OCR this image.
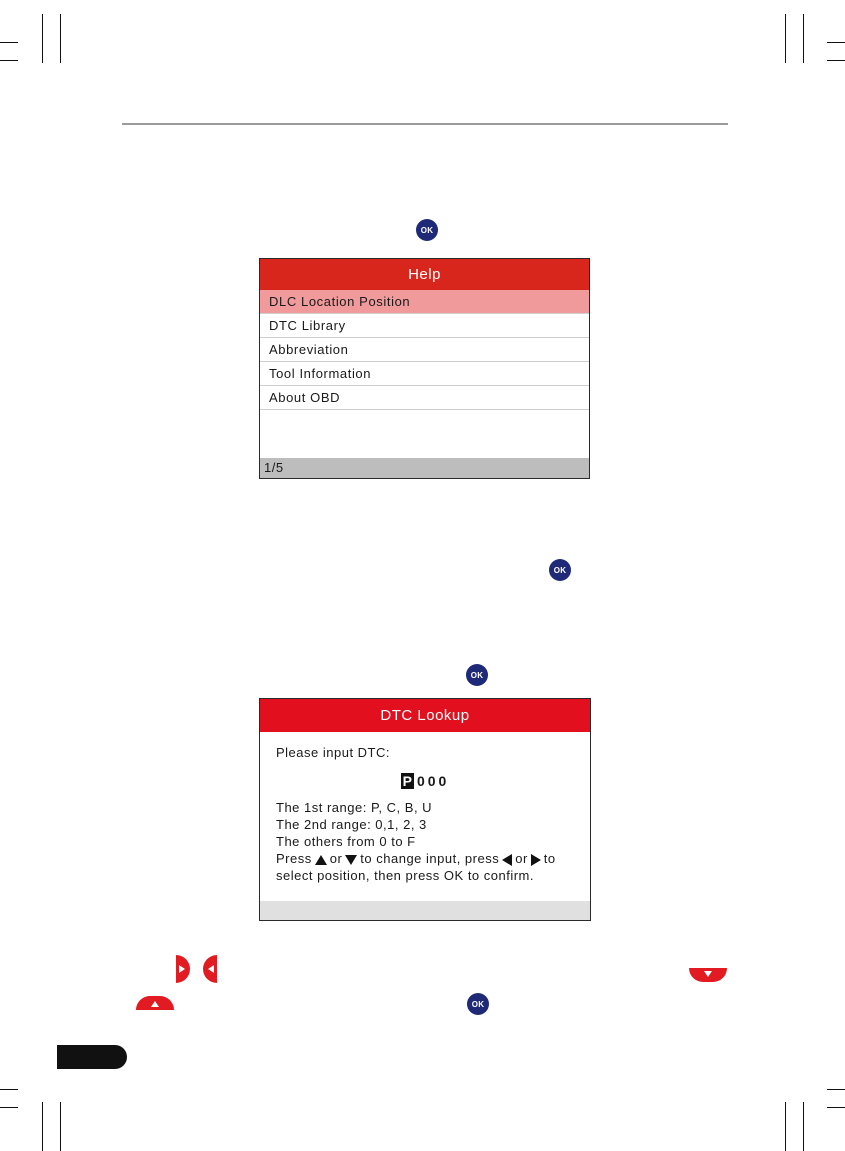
OK
OK
OK
OK
Help
DLC Location Position
DTC Library
Abbreviation
Tool Information
About OBD
1/5
DTC Lookup
Please input DTC:
P 000
The 1st range: P, C, B, U
The 2nd range: 0,1, 2, 3
The others from 0 to F
Press or to change input, press or to
select position, then press OK to confirm.
